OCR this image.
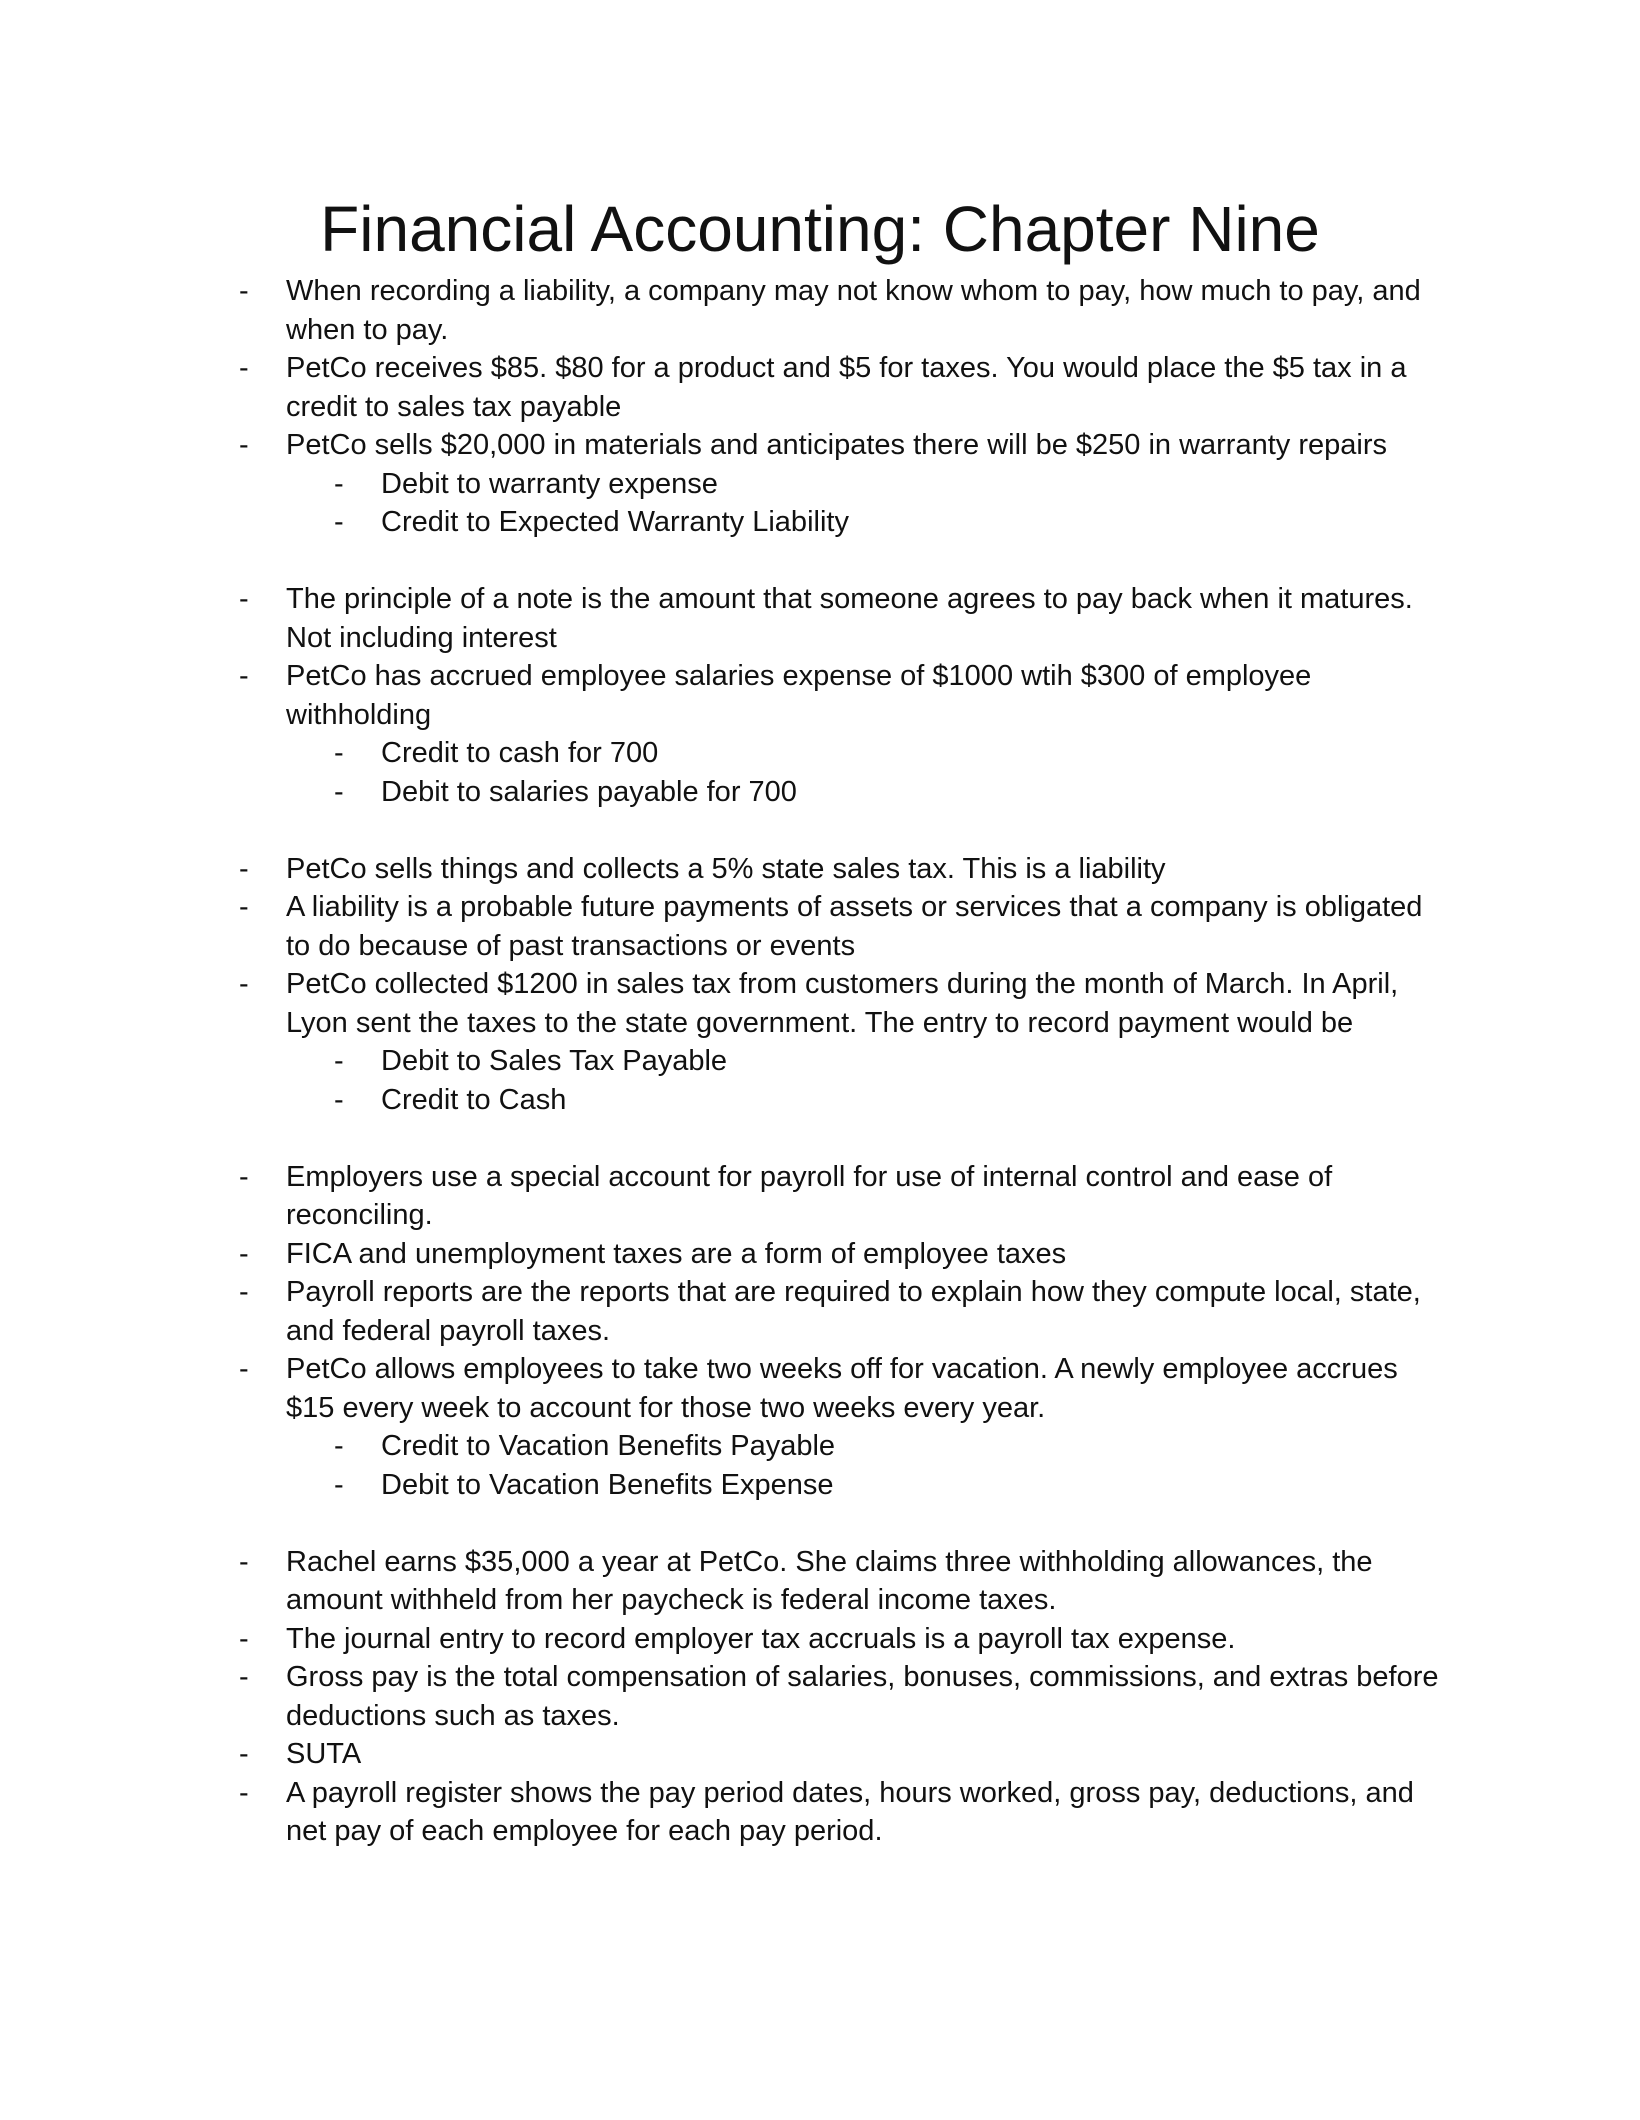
Financial Accounting: Chapter Nine
- When recording a liability, a company may not know whom to pay, how much to pay, and when to pay.
- PetCo receives $85. $80 for a product and $5 for taxes. You would place the $5 tax in a credit to sales tax payable
- PetCo sells $20,000 in materials and anticipates there will be $250 in warranty repairs
- Debit to warranty expense
- Credit to Expected Warranty Liability
- The principle of a note is the amount that someone agrees to pay back when it matures. Not including interest
- PetCo has accrued employee salaries expense of $1000 wtih $300 of employee withholding
- Credit to cash for 700
- Debit to salaries payable for 700
- PetCo sells things and collects a 5% state sales tax. This is a liability
- A liability is a probable future payments of assets or services that a company is obligated to do because of past transactions or events
- PetCo collected $1200 in sales tax from customers during the month of March. In April, Lyon sent the taxes to the state government. The entry to record payment would be
- Debit to Sales Tax Payable
- Credit to Cash
- Employers use a special account for payroll for use of internal control and ease of reconciling.
- FICA and unemployment taxes are a form of employee taxes
- Payroll reports are the reports that are required to explain how they compute local, state, and federal payroll taxes.
- PetCo allows employees to take two weeks off for vacation. A newly employee accrues $15 every week to account for those two weeks every year.
- Credit to Vacation Benefits Payable
- Debit to Vacation Benefits Expense
- Rachel earns $35,000 a year at PetCo. She claims three withholding allowances, the amount withheld from her paycheck is federal income taxes.
- The journal entry to record employer tax accruals is a payroll tax expense.
- Gross pay is the total compensation of salaries, bonuses, commissions, and extras before deductions such as taxes.
- SUTA
- A payroll register shows the pay period dates, hours worked, gross pay, deductions, and net pay of each employee for each pay period.
